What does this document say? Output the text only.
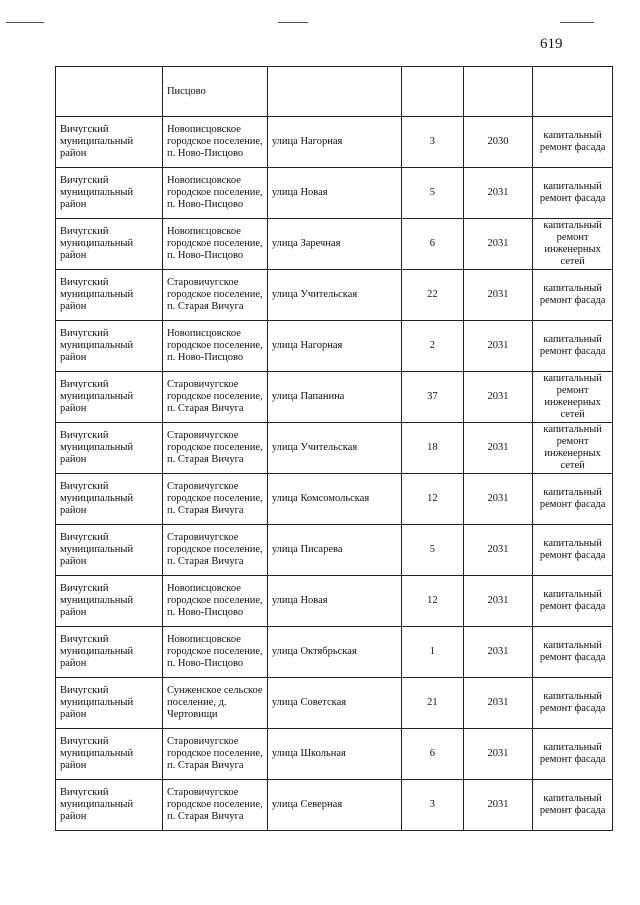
619
	Писцово				
Вичугский муниципальный район	Новописцовское городское поселение, п. Ново-Писцово	улица Нагорная	3	2030	капитальный ремонт фасада
Вичугский муниципальный район	Новописцовское городское поселение, п. Ново-Писцово	улица Новая	5	2031	капитальный ремонт фасада
Вичугский муниципальный район	Новописцовское городское поселение, п. Ново-Писцово	улица Заречная	6	2031	капитальный ремонт инженерных сетей
Вичугский муниципальный район	Старовичугское городское поселение, п. Старая Вичуга	улица Учительская	22	2031	капитальный ремонт фасада
Вичугский муниципальный район	Новописцовское городское поселение, п. Ново-Писцово	улица Нагорная	2	2031	капитальный ремонт фасада
Вичугский муниципальный район	Старовичугское городское поселение, п. Старая Вичуга	улица Папанина	37	2031	капитальный ремонт инженерных сетей
Вичугский муниципальный район	Старовичугское городское поселение, п. Старая Вичуга	улица Учительская	18	2031	капитальный ремонт инженерных сетей
Вичугский муниципальный район	Старовичугское городское поселение, п. Старая Вичуга	улица Комсомольская	12	2031	капитальный ремонт фасада
Вичугский муниципальный район	Старовичугское городское поселение, п. Старая Вичуга	улица Писарева	5	2031	капитальный ремонт фасада
Вичугский муниципальный район	Новописцовское городское поселение, п. Ново-Писцово	улица Новая	12	2031	капитальный ремонт фасада
Вичугский муниципальный район	Новописцовское городское поселение, п. Ново-Писцово	улица Октябрьская	1	2031	капитальный ремонт фасада
Вичугский муниципальный район	Сунженское сельское поселение, д. Чертовищи	улица Советская	21	2031	капитальный ремонт фасада
Вичугский муниципальный район	Старовичугское городское поселение, п. Старая Вичуга	улица Школьная	6	2031	капитальный ремонт фасада
Вичугский муниципальный район	Старовичугское городское поселение, п. Старая Вичуга	улица Северная	3	2031	капитальный ремонт фасада
